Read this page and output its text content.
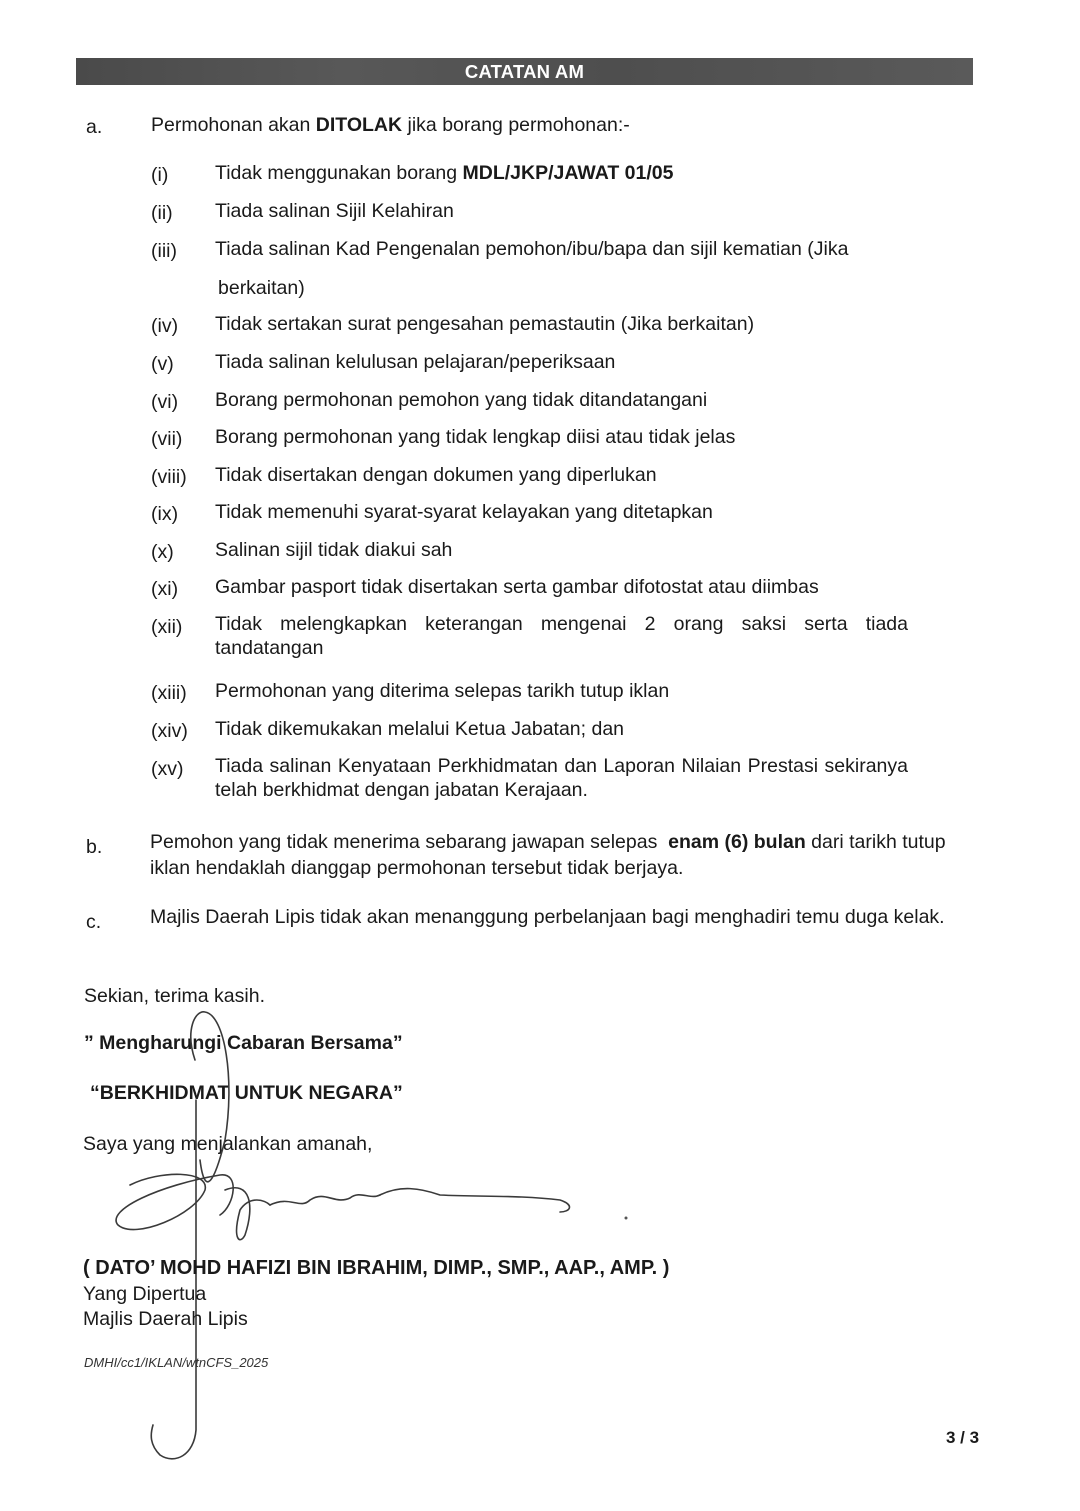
CATATAN AM
a. Permohonan akan DITOLAK jika borang permohonan:-
(i) Tidak menggunakan borang MDL/JKP/JAWAT 01/05
(ii) Tiada salinan Sijil Kelahiran
(iii) Tiada salinan Kad Pengenalan pemohon/ibu/bapa dan sijil kematian (Jika
berkaitan)
(iv) Tidak sertakan surat pengesahan pemastautin (Jika berkaitan)
(v) Tiada salinan kelulusan pelajaran/peperiksaan
(vi) Borang permohonan pemohon yang tidak ditandatangani
(vii) Borang permohonan yang tidak lengkap diisi atau tidak jelas
(viii) Tidak disertakan dengan dokumen yang diperlukan
(ix) Tidak memenuhi syarat-syarat kelayakan yang ditetapkan
(x) Salinan sijil tidak diakui sah
(xi) Gambar pasport tidak disertakan serta gambar difotostat atau diimbas
(xii) Tidak melengkapkan keterangan mengenai 2 orang saksi serta tiada tandatangan
(xiii) Permohonan yang diterima selepas tarikh tutup iklan
(xiv) Tidak dikemukakan melalui Ketua Jabatan; dan
(xv) Tiada salinan Kenyataan Perkhidmatan dan Laporan Nilaian Prestasi sekiranya telah berkhidmat dengan jabatan Kerajaan.
b. Pemohon yang tidak menerima sebarang jawapan selepas  enam (6) bulan dari tarikh tutup iklan hendaklah dianggap permohonan tersebut tidak berjaya.
c.	Majlis Daerah Lipis tidak akan menanggung perbelanjaan bagi menghadiri temu duga kelak.
Sekian, terima kasih.
” Mengharungi Cabaran Bersama”
“BERKHIDMAT UNTUK NEGARA”
Saya yang menjalankan amanah,
( DATO’ MOHD HAFIZI BIN IBRAHIM, DIMP., SMP., AAP., AMP. )
Yang Dipertua
Majlis Daerah Lipis
DMHI/cc1/IKLAN/wtnCFS_2025
3 / 3
